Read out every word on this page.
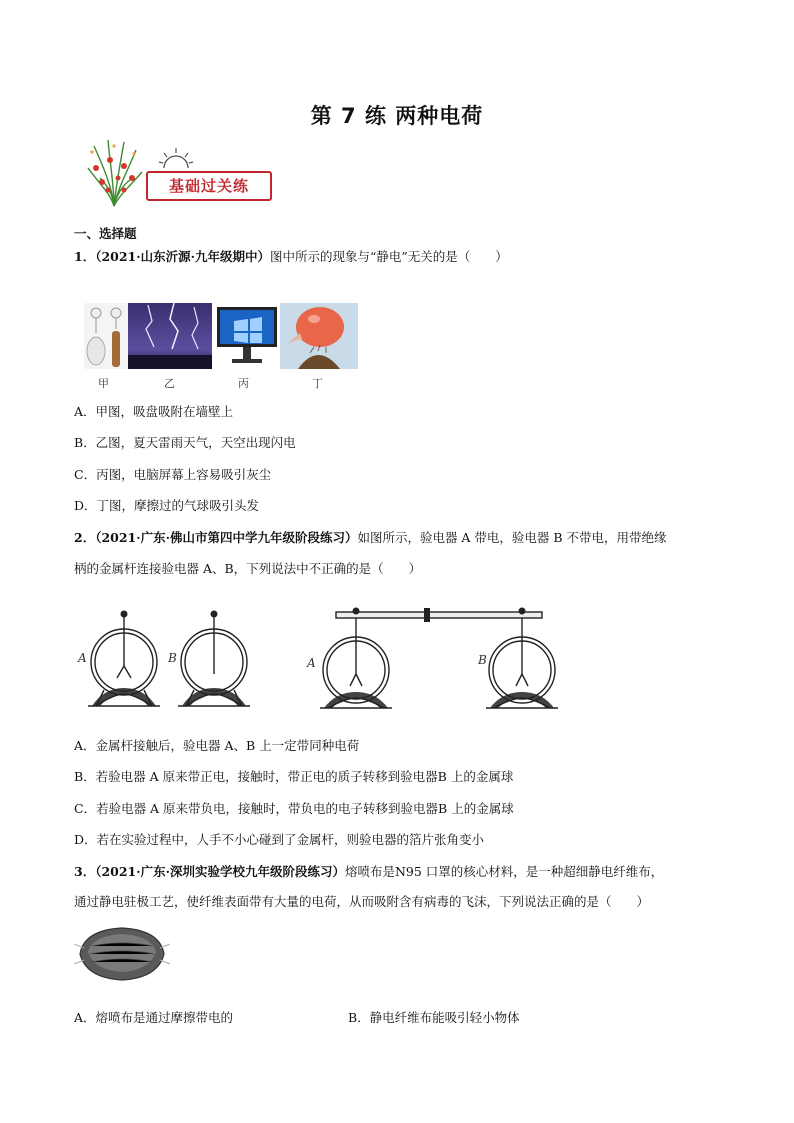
第 7 练 两种电荷
基础过关练
一、选择题
1．（2021·山东沂源·九年级期中）图中所示的现象与“静电”无关的是（　　）
甲	乙	丙	丁
A．甲图，吸盘吸附在墙壁上
B．乙图，夏天雷雨天气，天空出现闪电
C．丙图，电脑屏幕上容易吸引灰尘
D．丁图，摩擦过的气球吸引头发
2．（2021·广东·佛山市第四中学九年级阶段练习）如图所示，验电器 A 带电，验电器 B 不带电，用带绝缘
柄的金属杆连接验电器 A、B，下列说法中不正确的是（　　）
A	B	A	B
A．金属杆接触后，验电器 A、B 上一定带同种电荷
B．若验电器 A 原来带正电，接触时，带正电的质子转移到验电器B 上的金属球
C．若验电器 A 原来带负电，接触时，带负电的电子转移到验电器B 上的金属球
D．若在实验过程中，人手不小心碰到了金属杆，则验电器的箔片张角变小
3．（2021·广东·深圳实验学校九年级阶段练习）熔喷布是N95 口罩的核心材料，是一种超细静电纤维布，
通过静电驻极工艺，使纤维表面带有大量的电荷，从而吸附含有病毒的飞沫，下列说法正确的是（　　）
A．熔喷布是通过摩擦带电的	B．静电纤维布能吸引轻小物体
